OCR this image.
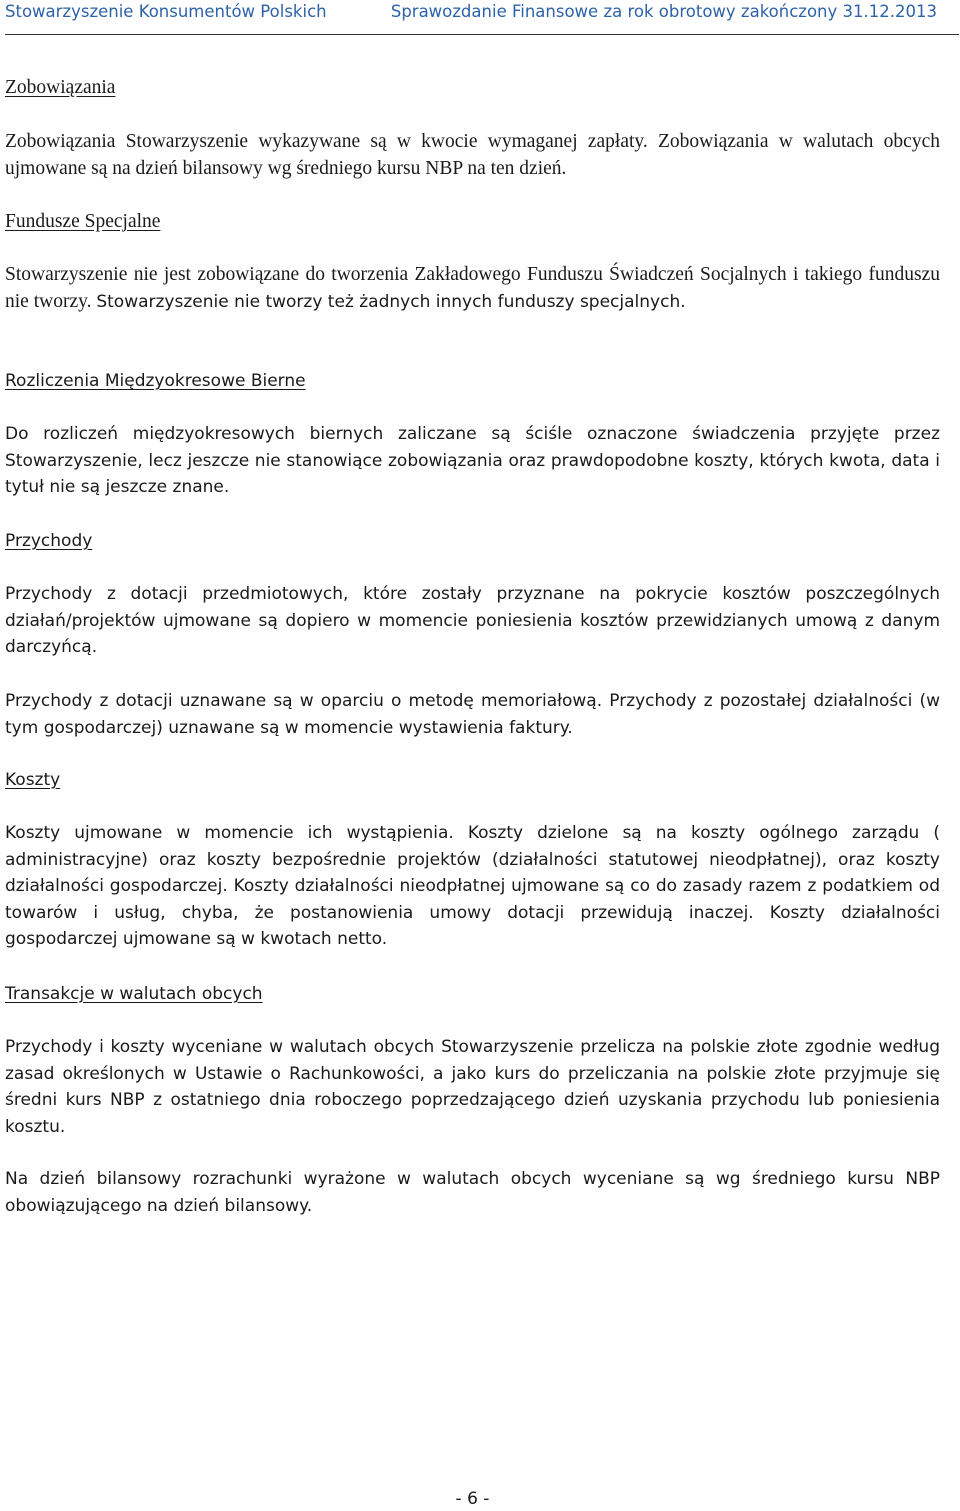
Stowarzyszenie Konsumentów Polskich	Sprawozdanie Finansowe za rok obrotowy zakończony 31.12.2013
Zobowiązania

Zobowiązania Stowarzyszenie wykazywane są w kwocie wymaganej zapłaty. Zobowiązania w walutach obcych ujmowane są na dzień bilansowy wg średniego kursu NBP na ten dzień.

Fundusze Specjalne

Stowarzyszenie nie jest zobowiązane do tworzenia Zakładowego Funduszu Świadczeń Socjalnych i takiego funduszu nie tworzy. Stowarzyszenie nie tworzy też żadnych innych funduszy specjalnych.

Rozliczenia Międzyokresowe Bierne

Do rozliczeń międzyokresowych biernych zaliczane są ściśle oznaczone świadczenia przyjęte przez Stowarzyszenie, lecz jeszcze nie stanowiące zobowiązania oraz prawdopodobne koszty, których kwota, data i tytuł nie są jeszcze znane.

Przychody

Przychody z dotacji przedmiotowych, które zostały przyznane na pokrycie kosztów poszczególnych działań/projektów ujmowane są dopiero w momencie poniesienia kosztów przewidzianych umową z danym darczyńcą.

Przychody z dotacji uznawane są w oparciu o metodę memoriałową. Przychody z pozostałej działalności (w tym gospodarczej) uznawane są w momencie wystawienia faktury.

Koszty

Koszty ujmowane w momencie ich wystąpienia. Koszty dzielone są na koszty ogólnego zarządu ( administracyjne) oraz koszty bezpośrednie projektów (działalności statutowej nieodpłatnej), oraz koszty działalności gospodarczej. Koszty działalności nieodpłatnej ujmowane są co do zasady razem z podatkiem od towarów i usług, chyba, że postanowienia umowy dotacji przewidują inaczej. Koszty działalności gospodarczej ujmowane są w kwotach netto.

Transakcje w walutach obcych

Przychody i koszty wyceniane w walutach obcych Stowarzyszenie przelicza na polskie złote zgodnie według zasad określonych w Ustawie o Rachunkowości, a jako kurs do przeliczania na polskie złote przyjmuje się średni kurs NBP z ostatniego dnia roboczego poprzedzającego dzień uzyskania przychodu lub poniesienia kosztu.

Na dzień bilansowy rozrachunki wyrażone w walutach obcych wyceniane są wg średniego kursu NBP obowiązującego na dzień bilansowy.

- 6 -
